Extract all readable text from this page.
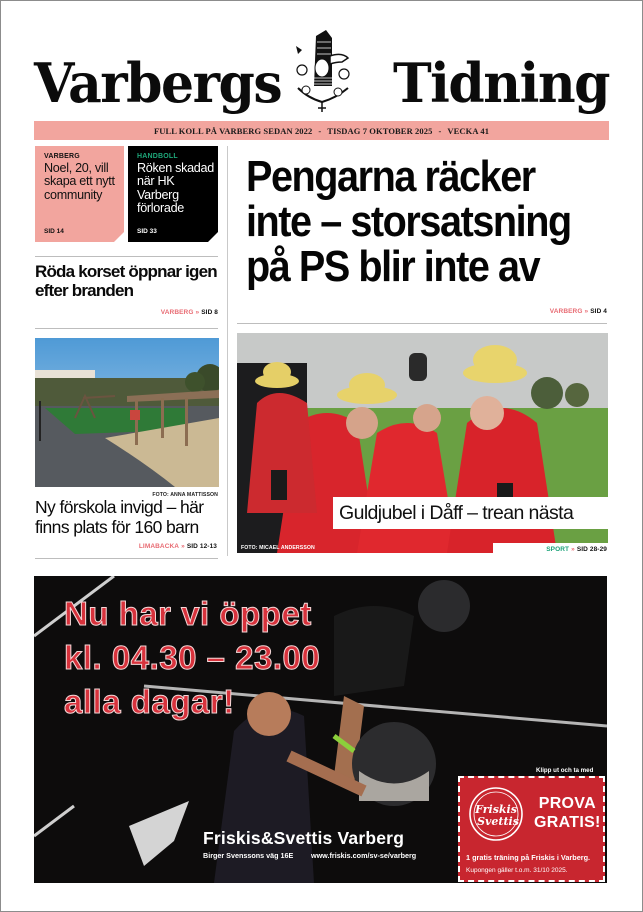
Varbergs Tidning
FULL KOLL PÅ VARBERG SEDAN 2022 - TISDAG 7 OKTOBER 2025 - VECKA 41
VARBERG
Noel, 20, vill skapa ett nytt community
SID 14
HANDBOLL
Röken skadad när HK Varberg förlorade
SID 33
Röda korset öppnar igen efter branden
VARBERG » SID 8
FOTO: ANNA MATTISSON
Ny förskola invigd – här finns plats för 160 barn
LIMABACKA » SID 12-13
Pengarna räcker inte – storsatsning på PS blir inte av
VARBERG » SID 4
Guldjubel i Dåff – trean nästa
FOTO: MICAEL ANDERSSON	SPORT » SID 28-29
Nu har vi öppet
kl. 04.30 – 23.00
alla dagar!
Friskis&Svettis Varberg
Birger Svenssons väg 16E www.friskis.com/sv-se/varberg
Klipp ut och ta med
Friskis
Svettis
PROVA
GRATIS!
1 gratis träning på Friskis i Varberg.
Kupongen gäller t.o.m. 31/10 2025.
